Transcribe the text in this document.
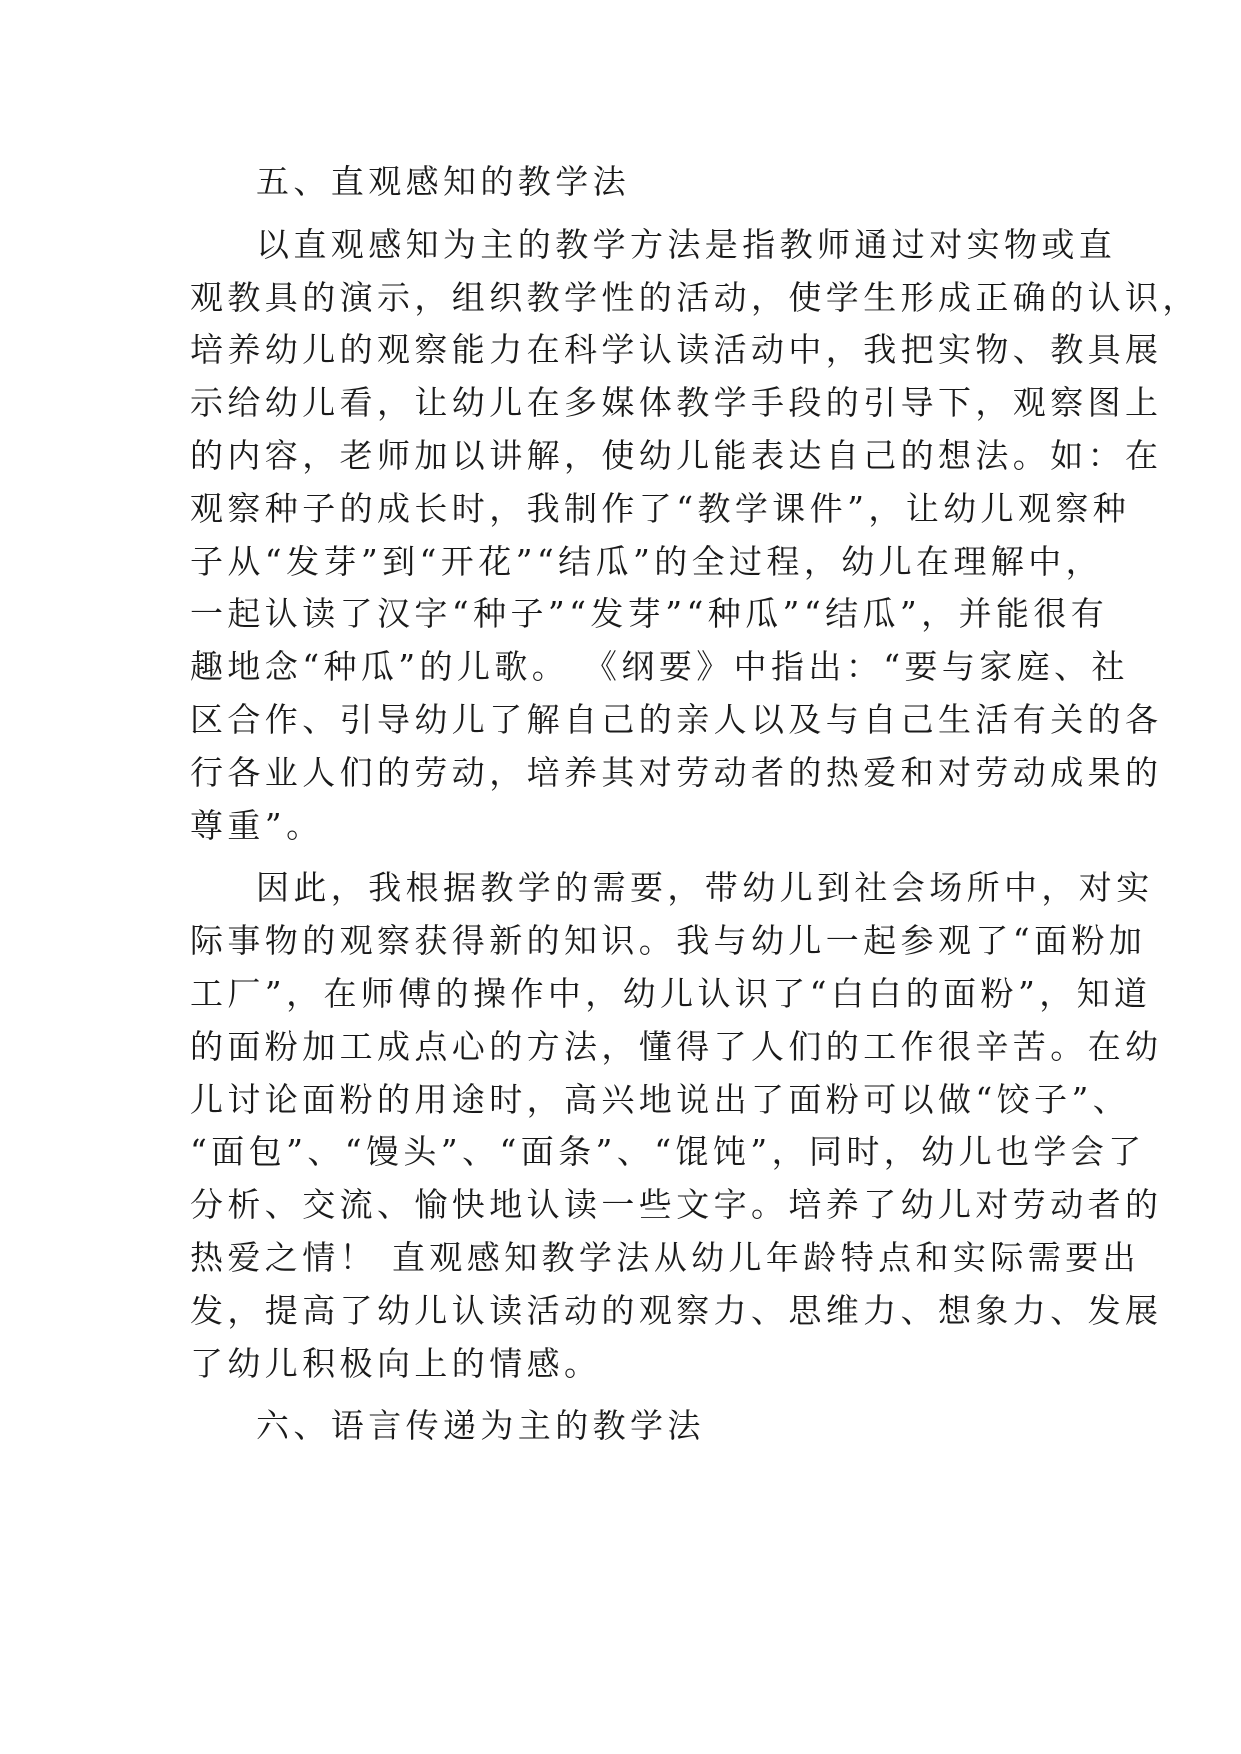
五、直观感知的教学法
以直观感知为主的教学方法是指教师通过对实物或直
观教具的演示，组织教学性的活动，使学生形成正确的认识，
培养幼儿的观察能力在科学认读活动中，我把实物、教具展
示给幼儿看，让幼儿在多媒体教学手段的引导下，观察图上
的内容，老师加以讲解，使幼儿能表达自己的想法。如：在
观察种子的成长时，我制作了“教学课件”，让幼儿观察种
子从“发芽”到“开花”“结瓜”的全过程，幼儿在理解中，
一起认读了汉字“种子”“发芽”“种瓜”“结瓜”，并能很有
趣地念“种瓜”的儿歌。 《纲要》中指出：“要与家庭、社
区合作、引导幼儿了解自己的亲人以及与自己生活有关的各
行各业人们的劳动，培养其对劳动者的热爱和对劳动成果的
尊重”。
因此，我根据教学的需要，带幼儿到社会场所中，对实
际事物的观察获得新的知识。我与幼儿一起参观了“面粉加
工厂”，在师傅的操作中，幼儿认识了“白白的面粉”，知道
的面粉加工成点心的方法，懂得了人们的工作很辛苦。在幼
儿讨论面粉的用途时，高兴地说出了面粉可以做“饺子”、
“面包”、“馒头”、“面条”、“馄饨”，同时，幼儿也学会了
分析、交流、愉快地认读一些文字。培养了幼儿对劳动者的
热爱之情！ 直观感知教学法从幼儿年龄特点和实际需要出
发，提高了幼儿认读活动的观察力、思维力、想象力、发展
了幼儿积极向上的情感。
六、语言传递为主的教学法
